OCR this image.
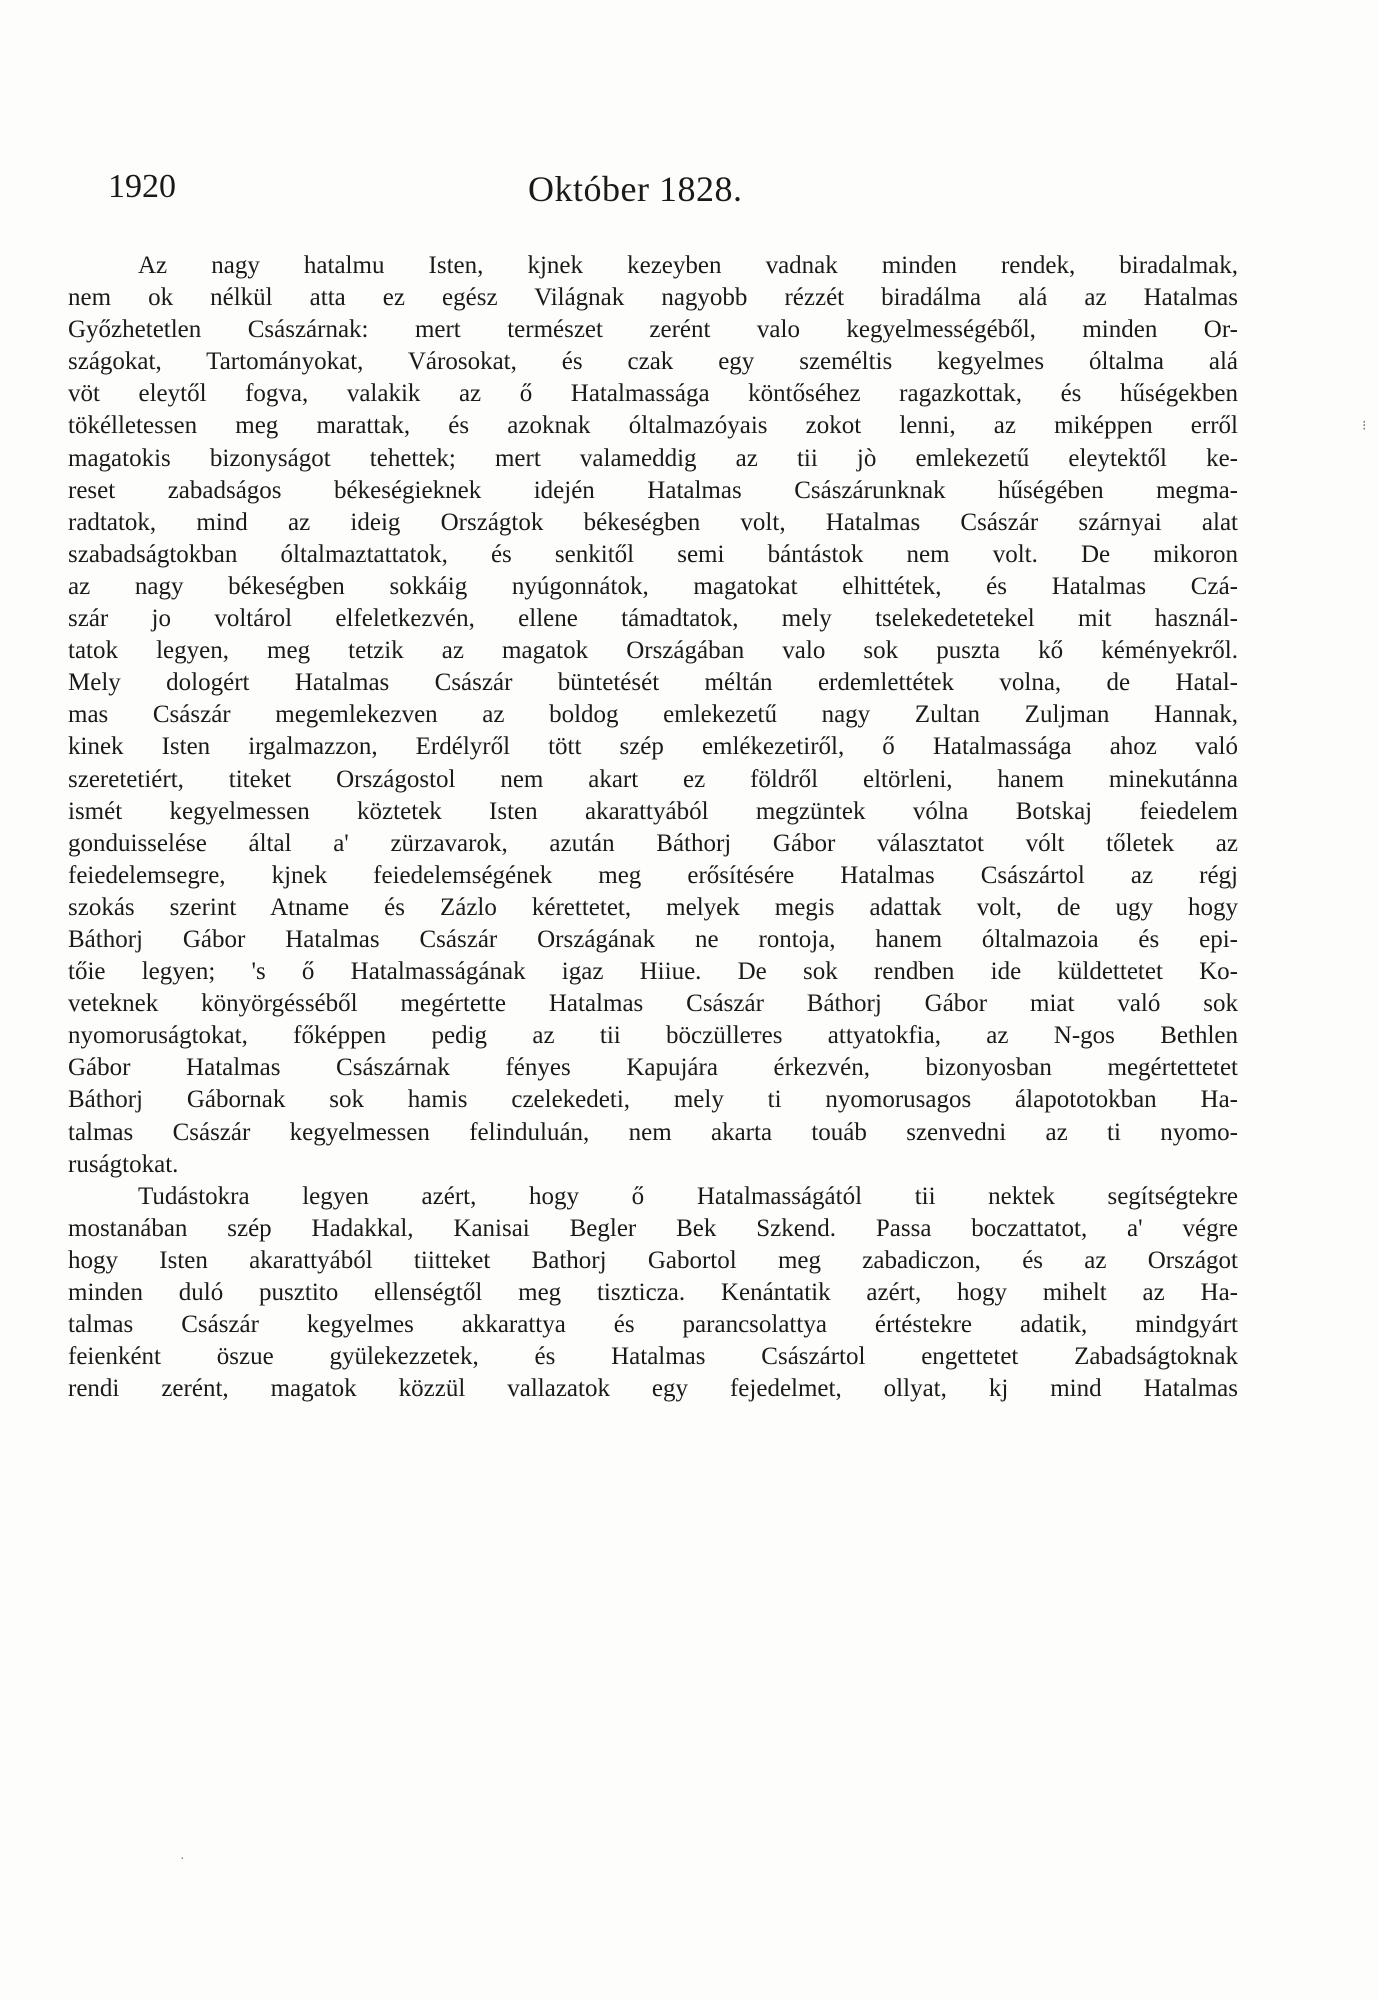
1920	Október 1828.
Az nagy hatalmu Isten, kjnek kezeyben vadnak minden rendek, biradalmak,
nem ok nélkül atta ez egész Világnak nagyobb rézzét biradálma alá az Hatalmas
Győzhetetlen Császárnak: mert természet zerént valo kegyelmességéből, minden Or-
szágokat, Tartományokat, Városokat, és czak egy személtis kegyelmes óltalma alá
vöt eleytől fogva, valakik az ő Hatalmassága köntőséhez ragazkottak, és hűségekben
tökélletessen meg marattak, és azoknak óltalmazóyais zokot lenni, az miképpen erről
magatokis bizonyságot tehettek; mert valameddig az tii jò emlekezetű eleytektől ke-
reset zabadságos békeségieknek idején Hatalmas Császárunknak hűségében megma-
radtatok, mind az ideig Országtok békeségben volt, Hatalmas Császár szárnyai alat
szabadságtokban óltalmaztattatok, és senkitől semi bántástok nem volt. De mikoron
az nagy békeségben sokkáig nyúgonnátok, magatokat elhittétek, és Hatalmas Czá-
szár jo voltárol elfeletkezvén, ellene támadtatok, mely tselekedetetekel mit használ-
tatok legyen, meg tetzik az magatok Országában valo sok puszta kő kéményekről.
Mely dologért Hatalmas Császár büntetését méltán erdemlettétek volna, de Hatal-
mas Császár megemlekezven az boldog emlekezetű nagy Zultan Zuljman Hannak,
kinek Isten irgalmazzon, Erdélyről tött szép emlékezetiről, ő Hatalmassága ahoz való
szeretetiért, titeket Országostol nem akart ez földről eltörleni, hanem minekutánna
ismét kegyelmessen köztetek Isten akarattyából megzüntek vólna Botskaj feiedelem
gonduisselése által a' zürzavarok, azután Báthorj Gábor választatot vólt tőletek az
feiedelemsegre, kjnek feiedelemségének meg erősítésére Hatalmas Császártol az régj
szokás szerint Atname és Zázlo kérettetet, melyek megis adattak volt, de ugy hogy
Báthorj Gábor Hatalmas Császár Országának ne rontoja, hanem óltalmazoia és epi-
tőie legyen; 's ő Hatalmasságának igaz Hiiue. De sok rendben ide küldettetet Ko-
veteknek könyörgésséből megértette Hatalmas Császár Báthorj Gábor miat való sok
nyomoruságtokat, főképpen pedig az tii böczüllетes attyatokfia, az N-gos Bethlen
Gábor Hatalmas Császárnak fényes Kapujára érkezvén, bizonyosban megértettetet
Báthorj Gábornak sok hamis czelekedeti, mely ti nyomorusagos álapototokban Ha-
talmas Császár kegyelmessen felinduluán, nem akarta touáb szenvedni az ti nyomo-
ruságtokat.
Tudástokra legyen azért, hogy ő Hatalmasságától tii nektek segítségtekre
mostanában szép Hadakkal, Kanisai Begler Bek Szkend. Passa boczattatot, a' végre
hogy Isten akarattyából tiitteket Bathorj Gabortol meg zabadiczon, és az Országot
minden duló pusztito ellenségtől meg tiszticza. Kenántatik azért, hogy mihelt az Ha-
talmas Császár kegyelmes akkarattya és parancsolattya értéstekre adatik, mindgyárt
feienként öszue gyülekezzetek, és Hatalmas Császártol engettetet Zabadságtoknak
rendi zerént, magatok közzül vallazatok egy fejedelmet, ollyat, kj mind Hatalmas
⁝
·
